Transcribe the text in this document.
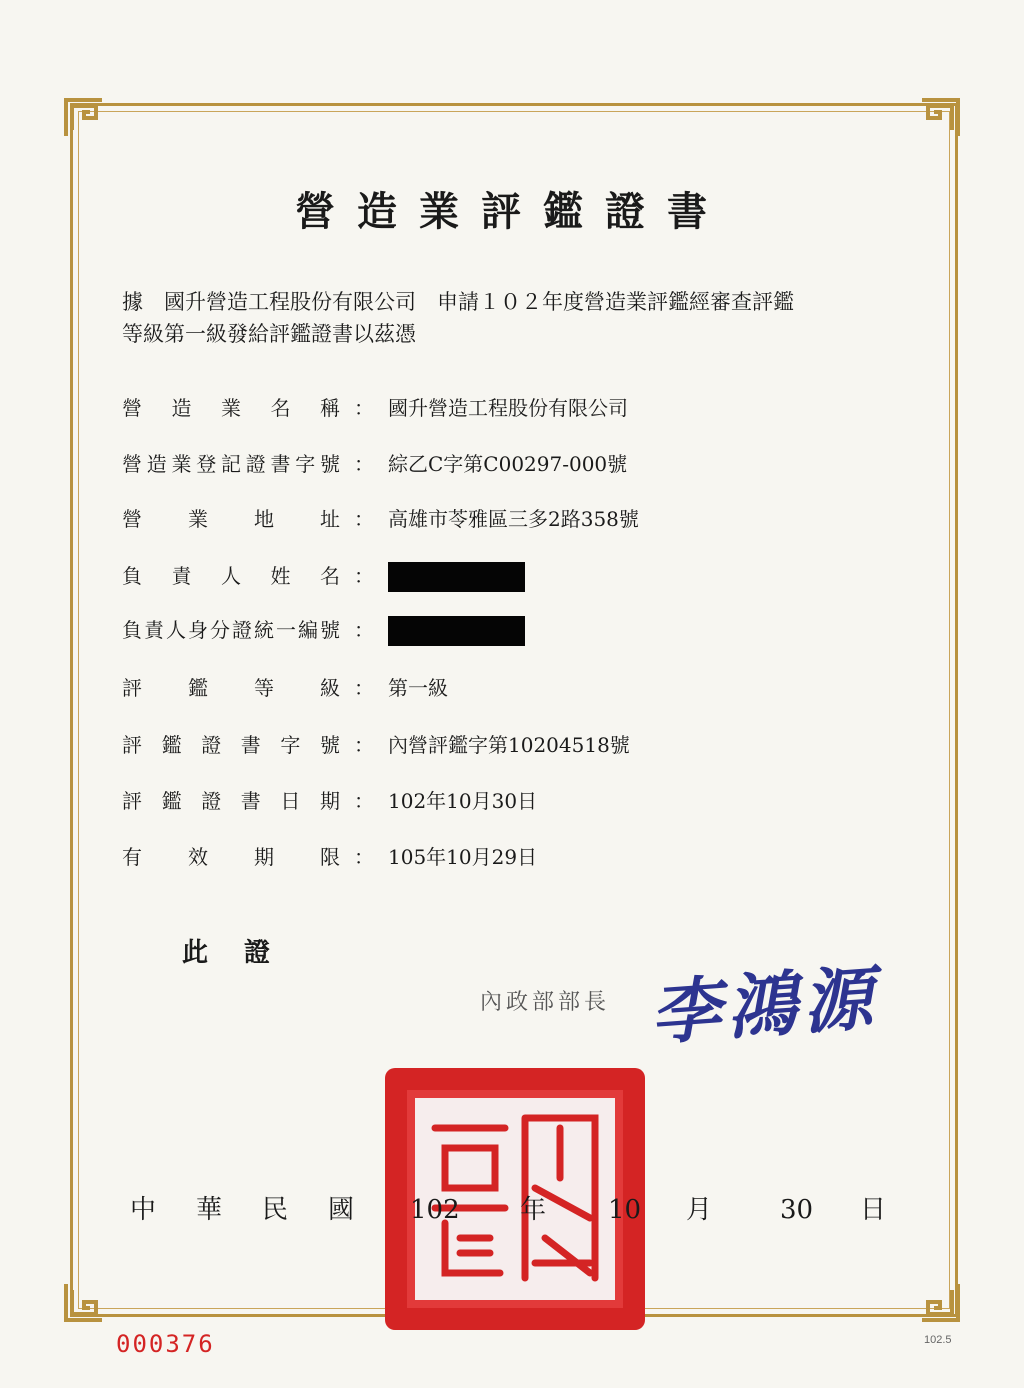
營造業評鑑證書
據　國升營造工程股份有限公司　申請１０２年度營造業評鑑經審查評鑑
等級第一級發給評鑑證書以茲憑
營 造 業 名 稱 ： 國升營造工程股份有限公司
營 造 業 登 記 證 書 字 號 ： 綜乙C字第C00297-000號
營 業 地 址 ： 高雄市苓雅區三多2路358號
負 責 人 姓 名 ：
負 責 人 身 分 證 統 一 編 號 ：
評 鑑 等 級 ： 第一級
評 鑑 證 書 字 號 ： 內營評鑑字第10204518號
評 鑑 證 書 日 期 ： 102年10月30日
有 效 期 限 ： 105年10月29日
此證
內政部部長 李鴻源
中華民國 102 年 10 月	30 日
000376	102.5
